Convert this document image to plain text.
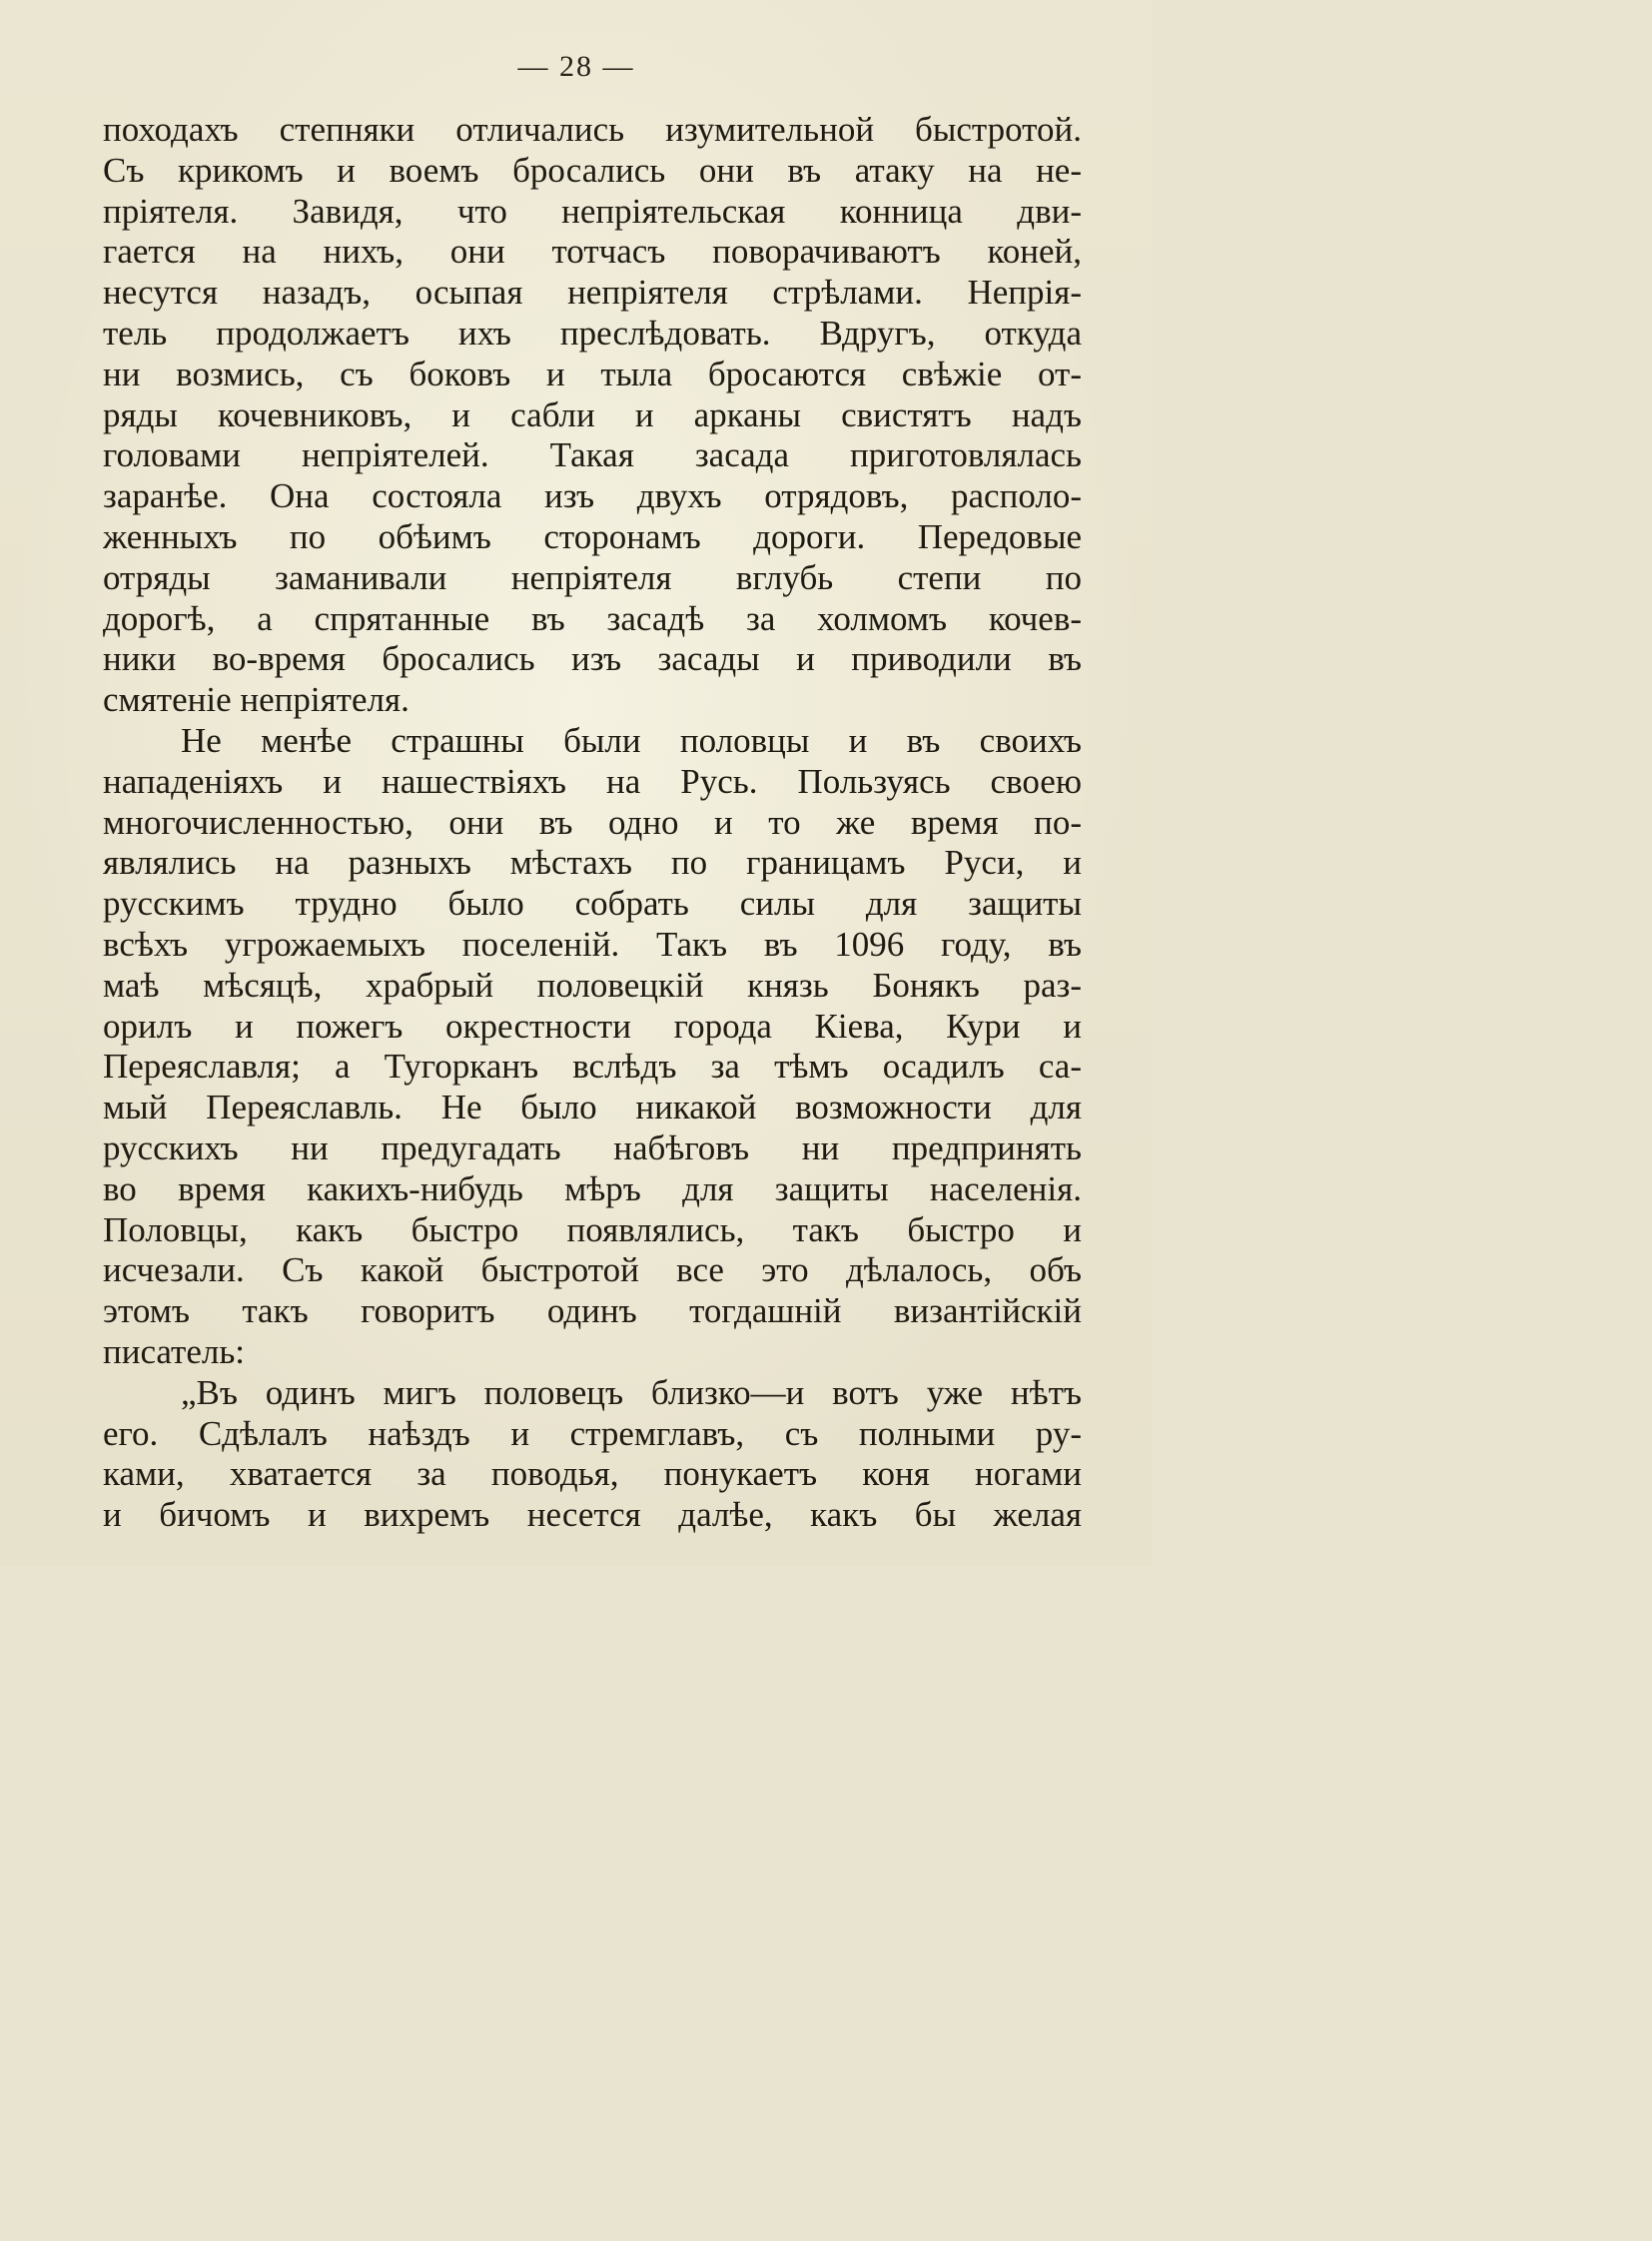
— 28 —
походахъ степняки отличались изумительной быстротой.
Съ крикомъ и воемъ бросались они въ атаку на не-
пріятеля. Завидя, что непріятельская конница дви-
гается на нихъ, они тотчасъ поворачиваютъ коней,
несутся назадъ, осыпая непріятеля стрѣлами. Непрія-
тель продолжаетъ ихъ преслѣдовать. Вдругъ, откуда
ни возмись, съ боковъ и тыла бросаются свѣжіе от-
ряды кочевниковъ, и сабли и арканы свистятъ надъ
головами непріятелей. Такая засада приготовлялась
заранѣе. Она состояла изъ двухъ отрядовъ, располо-
женныхъ по обѣимъ сторонамъ дороги. Передовые
отряды заманивали непріятеля вглубь степи по
дорогѣ, а спрятанные въ засадѣ за холмомъ кочев-
ники во-время бросались изъ засады и приводили въ
смятеніе непріятеля.
Не менѣе страшны были половцы и въ своихъ
нападеніяхъ и нашествіяхъ на Русь. Пользуясь своею
многочисленностью, они въ одно и то же время по-
являлись на разныхъ мѣстахъ по границамъ Руси, и
русскимъ трудно было собрать силы для защиты
всѣхъ угрожаемыхъ поселеній. Такъ въ 1096 году, въ
маѣ мѣсяцѣ, храбрый половецкій князь Бонякъ раз-
орилъ и пожегъ окрестности города Кіева, Кури и
Переяславля; а Тугорканъ вслѣдъ за тѣмъ осадилъ са-
мый Переяславль. Не было никакой возможности для
русскихъ ни предугадать набѣговъ ни предпринять
во время какихъ-нибудь мѣръ для защиты населенія.
Половцы, какъ быстро появлялись, такъ быстро и
исчезали. Съ какой быстротой все это дѣлалось, объ
этомъ такъ говоритъ одинъ тогдашній византійскій
писатель:
„Въ одинъ мигъ половецъ близко—и вотъ уже нѣтъ
его. Сдѣлалъ наѣздъ и стремглавъ, съ полными ру-
ками, хватается за поводья, понукаетъ коня ногами
и бичомъ и вихремъ несется далѣе, какъ бы желая
